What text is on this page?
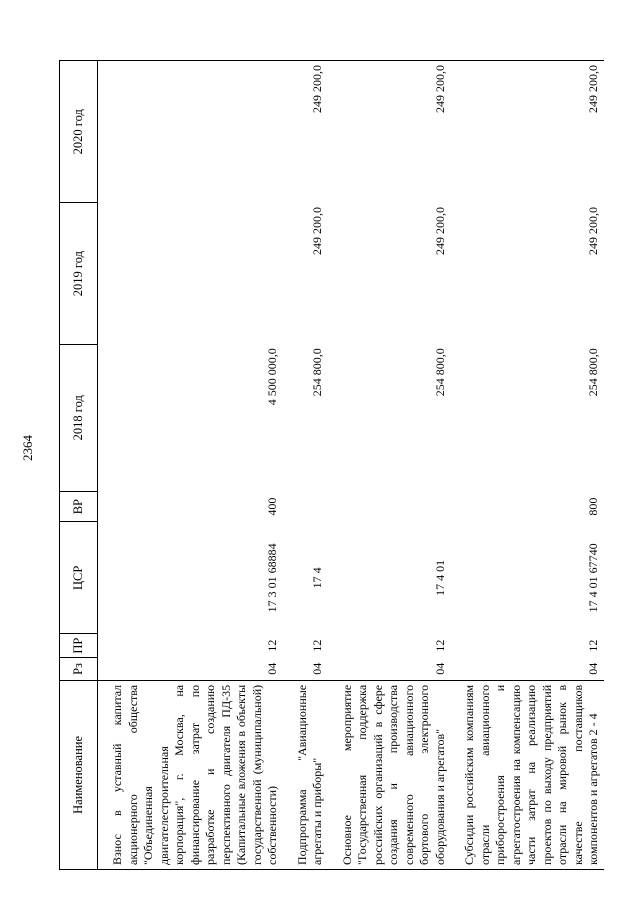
2364
Наименование	Рз	ПР	ЦСР	ВР	2018 год	2019 год	2020 год

Взнос в уставный капитал акционерного общества "Объединенная двигателестроительная корпорация", г. Москва, на финансирование затрат по разработке и созданию перспективного двигателя ПД-35 (Капитальные вложения в объекты государственной (муниципальной) собственности)	04	12	17 3 01 68884	400	4 500 000,0		

Подпрограмма "Авиационные агрегаты и приборы"	04	12	17 4		254 800,0	249 200,0	249 200,0

Основное мероприятие "Государственная поддержка российских организаций в сфере создания и производства современного авиационного бортового электронного оборудования и агрегатов"	04	12	17 4 01		254 800,0	249 200,0	249 200,0

Субсидии российским компаниям отрасли авиационного приборостроения и агрегатостроения на компенсацию части затрат на реализацию проектов по выходу предприятий отрасли на мировой рынок в качестве поставщиков компонентов и агрегатов 2 - 4	04	12	17 4 01 67740	800	254 800,0	249 200,0	249 200,0
